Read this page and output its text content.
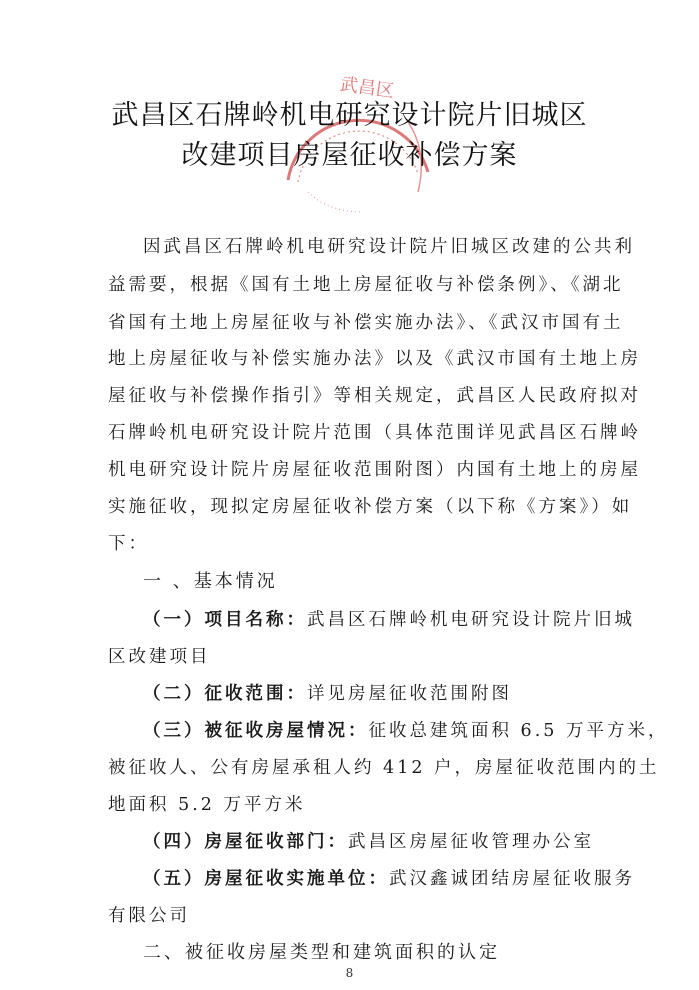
武昌区
武昌区石牌岭机电研究设计院片旧城区
改建项目房屋征收补偿方案
因武昌区石牌岭机电研究设计院片旧城区改建的公共利
益需要，根据《国有土地上房屋征收与补偿条例》、《湖北
省国有土地上房屋征收与补偿实施办法》、《武汉市国有土
地上房屋征收与补偿实施办法》以及《武汉市国有土地上房
屋征收与补偿操作指引》等相关规定，武昌区人民政府拟对
石牌岭机电研究设计院片范围（具体范围详见武昌区石牌岭
机电研究设计院片房屋征收范围附图）内国有土地上的房屋
实施征收，现拟定房屋征收补偿方案（以下称《方案》）如
下：
一 、基本情况
（一）项目名称：武昌区石牌岭机电研究设计院片旧城
区改建项目
（二）征收范围：详见房屋征收范围附图
（三）被征收房屋情况：征收总建筑面积 6.5 万平方米，
被征收人、公有房屋承租人约 412 户，房屋征收范围内的土
地面积 5.2 万平方米
（四）房屋征收部门：武昌区房屋征收管理办公室
（五）房屋征收实施单位：武汉鑫诚团结房屋征收服务
有限公司
二、被征收房屋类型和建筑面积的认定
8
